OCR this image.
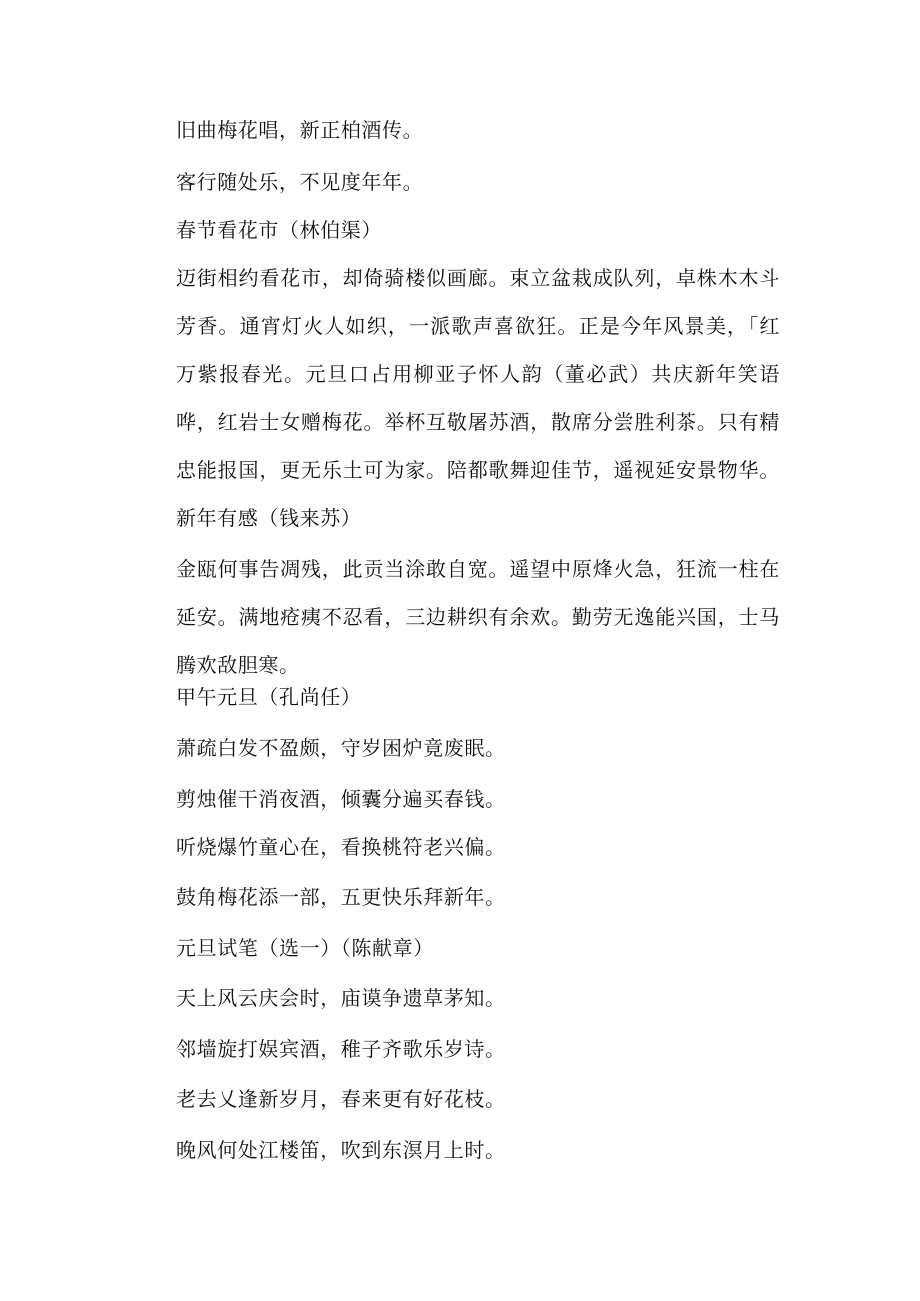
旧曲梅花唱，新正柏酒传。
客行随处乐，不见度年年。
春节看花市（林伯渠）
迈街相约看花市，却倚骑楼似画廊。束立盆栽成队列，卓株木木斗芳香。通宵灯火人如织，一派歌声喜欲狂。正是今年风景美，「红万紫报春光。元旦口占用柳亚子怀人韵（董必武）共庆新年笑语哗，红岩士女赠梅花。举杯互敬屠苏酒，散席分尝胜利茶。只有精忠能报国，更无乐土可为家。陪都歌舞迎佳节，遥视延安景物华。新年有感（钱来苏）
金瓯何事告凋残，此贡当涂敢自宽。遥望中原烽火急，狂流一柱在延安。满地疮痍不忍看，三边耕织有余欢。勤劳无逸能兴国，士马腾欢敌胆寒。
甲午元旦（孔尚任）
萧疏白发不盈颇，守岁困炉竟废眠。
剪烛催干消夜酒，倾囊分遍买春钱。
听烧爆竹童心在，看换桃符老兴偏。
鼓角梅花添一部，五更快乐拜新年。
元旦试笔（选一）（陈献章）
天上风云庆会时，庙谟争遗草茅知。
邻墙旋打娱宾酒，稚子齐歌乐岁诗。
老去乂逢新岁月，春来更有好花枝。
晚风何处江楼笛，吹到东溟月上时。
